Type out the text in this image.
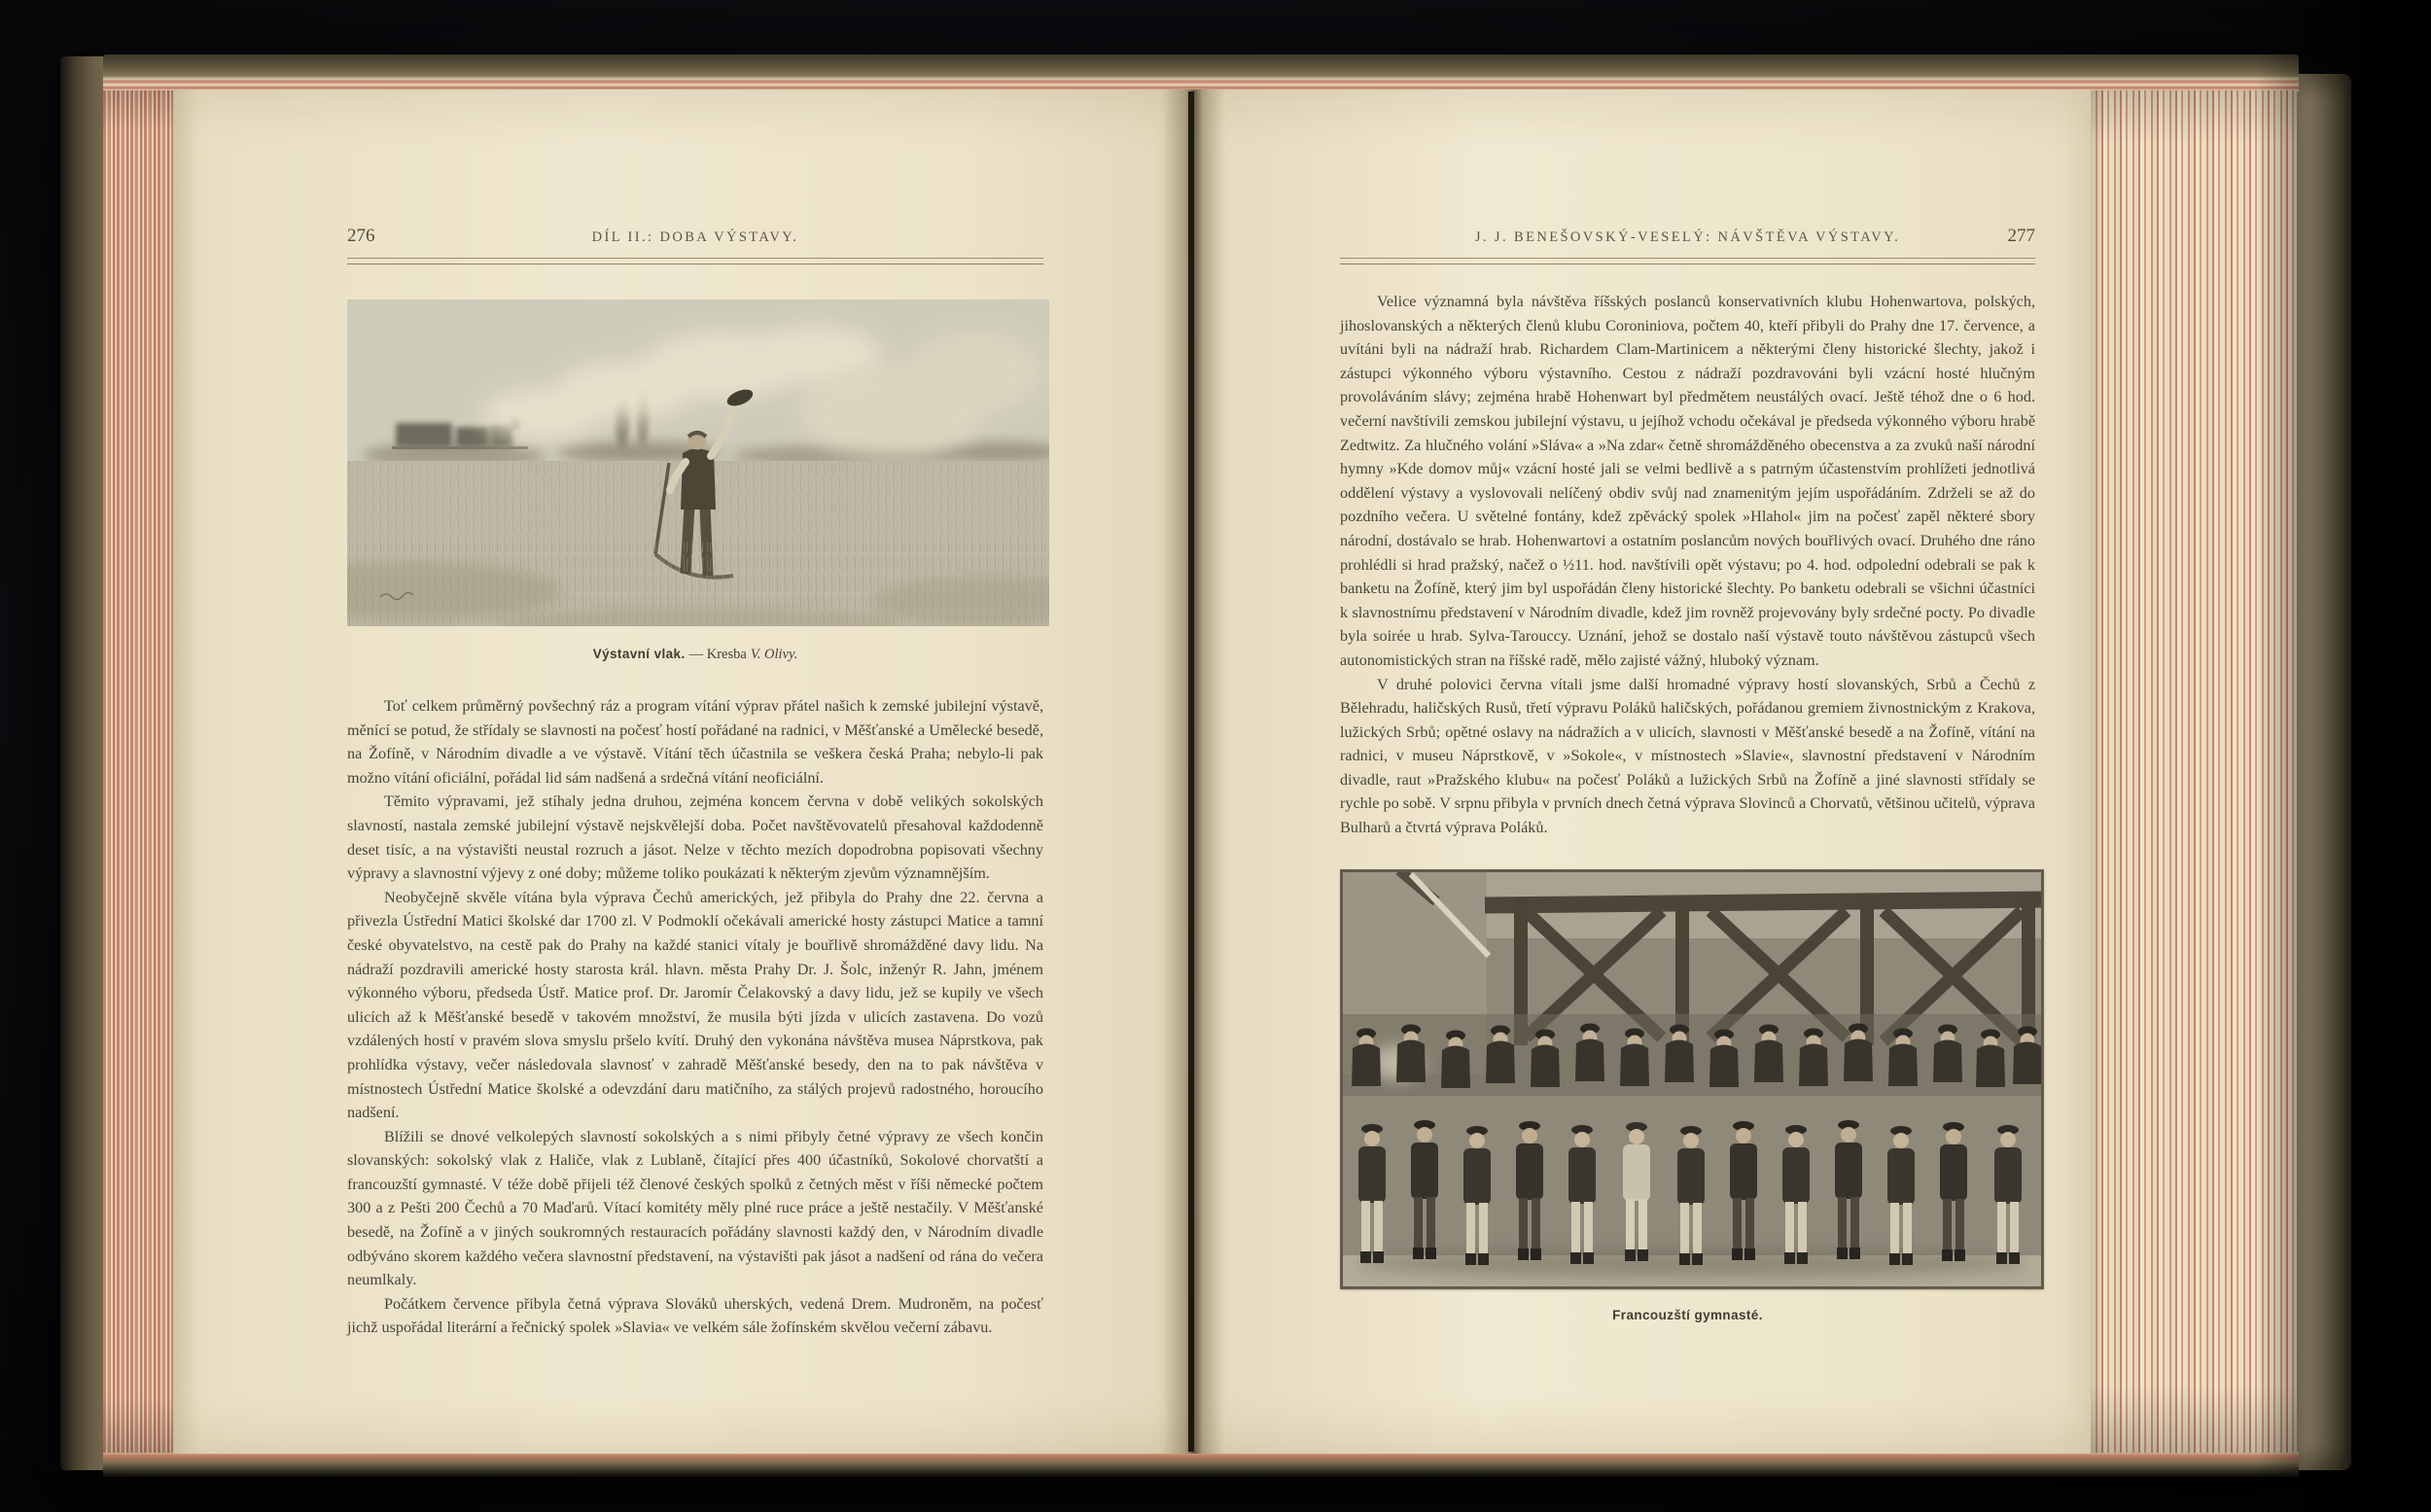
276	DÍL II.: DOBA VÝSTAVY.
Výstavní vlak. — Kresba V. Olivy.

Toť celkem průměrný povšechný ráz a program vítání výprav přátel našich k zemské jubilejní výstavě, měnící se potud, že střídaly se slavnosti na počesť hostí pořádané na radnici, v Měšťanské a Umělecké besedě, na Žofíně, v Národním divadle a ve výstavě. Vítání těch účastnila se veškera česká Praha; nebylo-li pak možno vítání oficiální, pořádal lid sám nadšená a srdečná vítání neoficiální.

Těmito výpravami, jež stíhaly jedna druhou, zejména koncem června v době velikých sokolských slavností, nastala zemské jubilejní výstavě nejskvělejší doba. Počet navštěvovatelů přesahoval každodenně deset tisíc, a na výstavišti neustal rozruch a jásot. Nelze v těchto mezích dopodrobna popisovati všechny výpravy a slavnostní výjevy z oné doby; můžeme toliko poukázati k některým zjevům významnějším.

Neobyčejně skvěle vítána byla výprava Čechů amerických, jež přibyla do Prahy dne 22. června a přivezla Ústřední Matici školské dar 1700 zl. V Podmoklí očekávali americké hosty zástupci Matice a tamní české obyvatelstvo, na cestě pak do Prahy na každé stanici vítaly je bouřlivě shromážděné davy lidu. Na nádraží pozdravili americké hosty starosta král. hlavn. města Prahy Dr. J. Šolc, inženýr R. Jahn, jménem výkonného výboru, předseda Ústř. Matice prof. Dr. Jaromír Čelakovský a davy lidu, jež se kupily ve všech ulicích až k Měšťanské besedě v takovém množství, že musila býti jízda v ulicích zastavena. Do vozů vzdálených hostí v pravém slova smyslu pršelo kvítí. Druhý den vykonána návštěva musea Náprstkova, pak prohlídka výstavy, večer následovala slavnosť v zahradě Měšťanské besedy, den na to pak návštěva v místnostech Ústřední Matice školské a odevzdání daru matičního, za stálých projevů radostného, horoucího nadšení.

Blížili se dnové velkolepých slavností sokolských a s nimi přibyly četné výpravy ze všech končin slovanských: sokolský vlak z Haliče, vlak z Lublaně, čítající přes 400 účastníků, Sokolové chorvatští a francouzští gymnasté. V téže době přijeli též členové českých spolků z četných měst v říši německé počtem 300 a z Pešti 200 Čechů a 70 Maďarů. Vítací komitéty měly plné ruce práce a ještě nestačily. V Měšťanské besedě, na Žofíně a v jiných soukromných restauracích pořádány slavnosti každý den, v Národním divadle odbýváno skorem každého večera slavnostní představení, na výstavišti pak jásot a nadšení od rána do večera neumlkaly.

Počátkem července přibyla četná výprava Slováků uherských, vedená Drem. Mudroněm, na počesť jichž uspořádal literární a řečnický spolek »Slavia« ve velkém sále žofínském skvělou večerní zábavu.

J. J. BENEŠOVSKÝ-VESELÝ: NÁVŠTĚVA VÝSTAVY.	277

Velice významná byla návštěva říšských poslanců konservativních klubu Hohenwartova, polských, jihoslovanských a některých členů klubu Coroniniova, počtem 40, kteří přibyli do Prahy dne 17. července, a uvítáni byli na nádraží hrab. Richardem Clam-Martinicem a některými členy historické šlechty, jakož i zástupci výkonného výboru výstavního. Cestou z nádraží pozdravováni byli vzácní hosté hlučným provoláváním slávy; zejména hrabě Hohenwart byl předmětem neustálých ovací. Ještě téhož dne o 6 hod. večerní navštívili zemskou jubilejní výstavu, u jejíhož vchodu očekával je předseda výkonného výboru hrabě Zedtwitz. Za hlučného volání »Sláva« a »Na zdar« četně shromážděného obecenstva a za zvuků naší národní hymny »Kde domov můj« vzácní hosté jali se velmi bedlivě a s patrným účastenstvím prohlížeti jednotlivá oddělení výstavy a vyslovovali nelíčený obdiv svůj nad znamenitým jejím uspořádáním. Zdrželi se až do pozdního večera. U světelné fontány, kdež zpěvácký spolek »Hlahol« jim na počesť zapěl některé sbory národní, dostávalo se hrab. Hohenwartovi a ostatním poslancům nových bouřlivých ovací. Druhého dne ráno prohlédli si hrad pražský, načež o ½11. hod. navštívili opět výstavu; po 4. hod. odpolední odebrali se pak k banketu na Žofíně, který jim byl uspořádán členy historické šlechty. Po banketu odebrali se všichni účastníci k slavnostnímu představení v Národním divadle, kdež jim rovněž projevovány byly srdečné pocty. Po divadle byla soirée u hrab. Sylva-Tarouccy. Uznání, jehož se dostalo naší výstavě touto návštěvou zástupců všech autonomistických stran na říšské radě, mělo zajisté vážný, hluboký význam.

V druhé polovici června vítali jsme další hromadné výpravy hostí slovanských, Srbů a Čechů z Bělehradu, haličských Rusů, třetí výpravu Poláků haličských, pořádanou gremiem živnostnickým z Krakova, lužických Srbů; opětné oslavy na nádražích a v ulicích, slavnosti v Měšťanské besedě a na Žofíně, vítání na radnici, v museu Náprstkově, v »Sokole«, v místnostech »Slavie«, slavnostní představení v Národním divadle, raut »Pražského klubu« na počesť Poláků a lužických Srbů na Žofíně a jiné slavnosti střídaly se rychle po sobě. V srpnu přibyla v prvních dnech četná výprava Slovinců a Chorvatů, většinou učitelů, výprava Bulharů a čtvrtá výprava Poláků.

Francouzští gymnasté.
